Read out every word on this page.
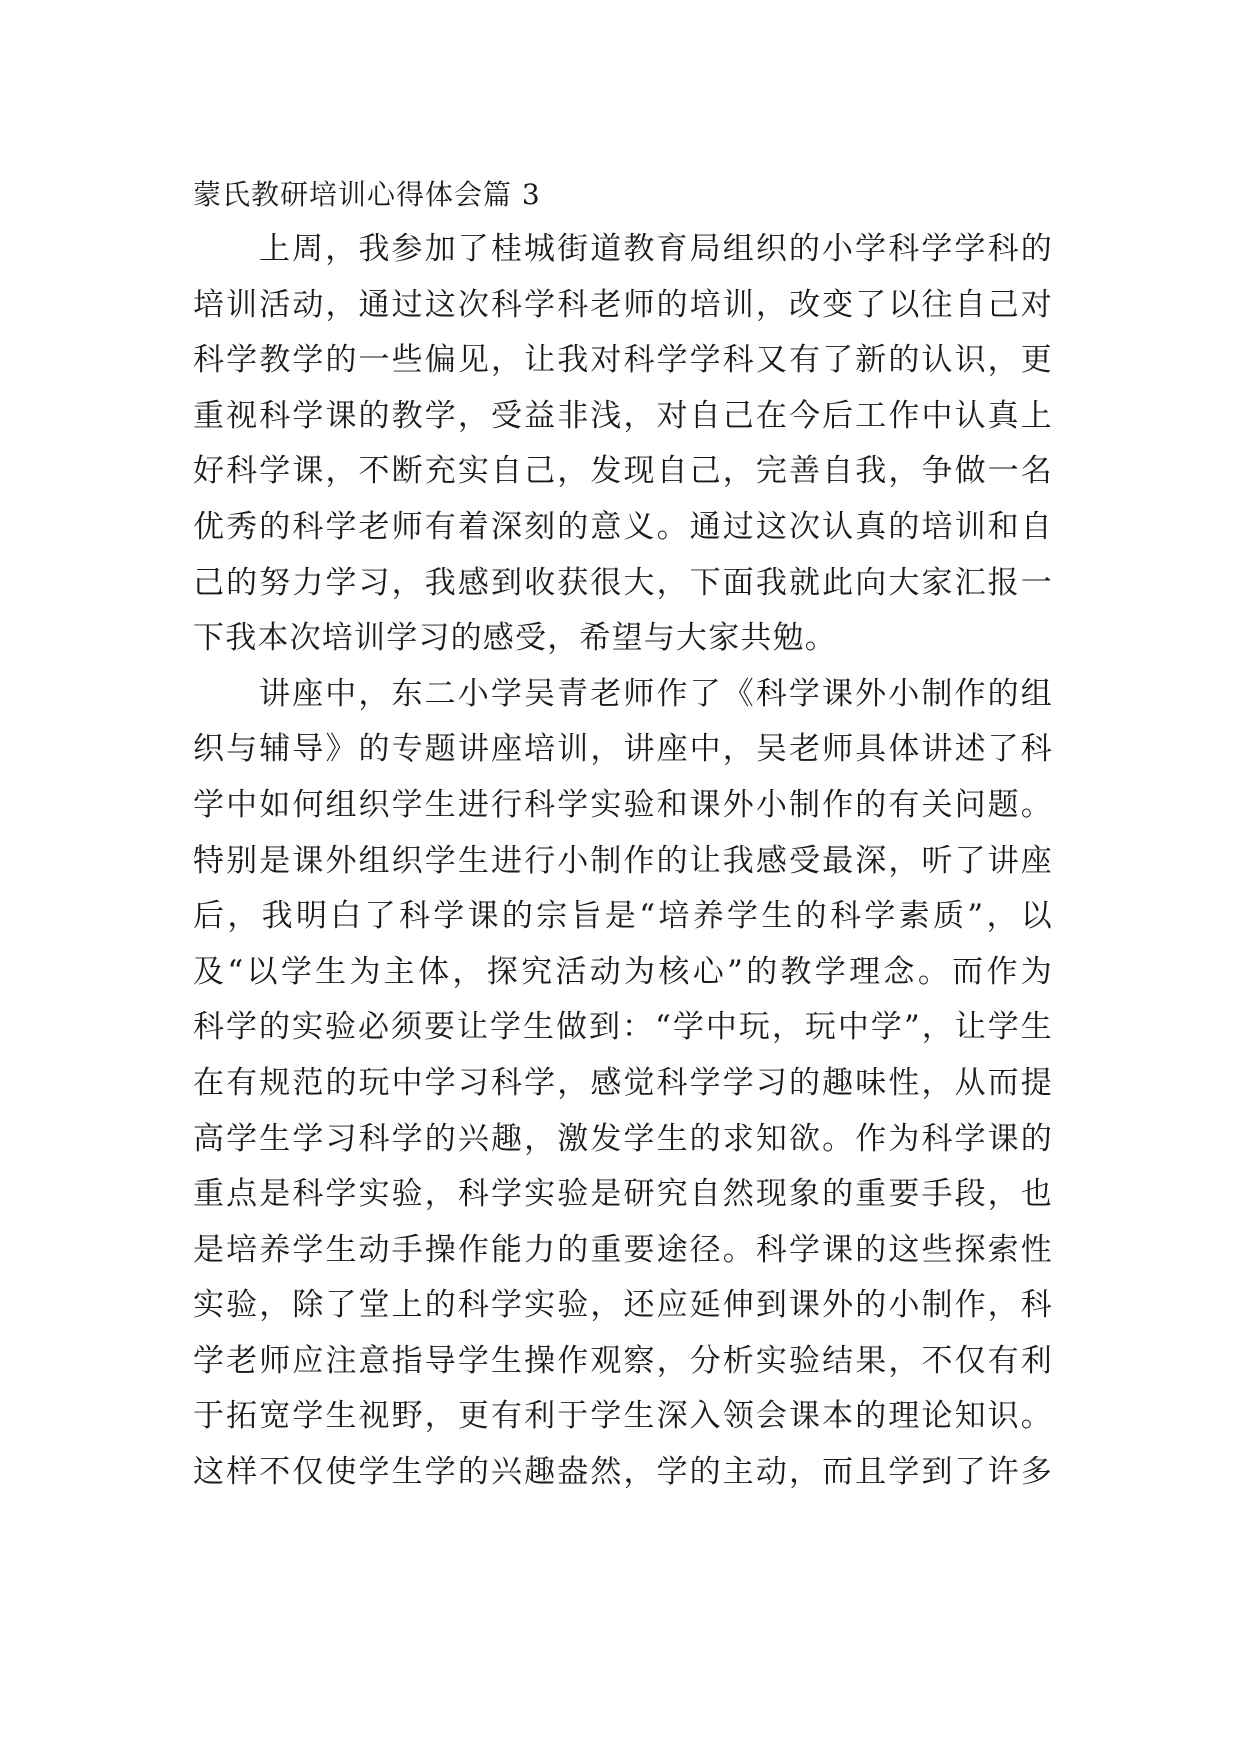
蒙氏教研培训心得体会篇 3
上周，我参加了桂城街道教育局组织的小学科学学科的
培训活动，通过这次科学科老师的培训，改变了以往自己对
科学教学的一些偏见，让我对科学学科又有了新的认识，更
重视科学课的教学，受益非浅，对自己在今后工作中认真上
好科学课，不断充实自己，发现自己，完善自我，争做一名
优秀的科学老师有着深刻的意义。通过这次认真的培训和自
己的努力学习，我感到收获很大，下面我就此向大家汇报一
下我本次培训学习的感受，希望与大家共勉。
讲座中，东二小学吴青老师作了《科学课外小制作的组
织与辅导》的专题讲座培训，讲座中，吴老师具体讲述了科
学中如何组织学生进行科学实验和课外小制作的有关问题。
特别是课外组织学生进行小制作的让我感受最深，听了讲座
后，我明白了科学课的宗旨是“培养学生的科学素质”，以
及“以学生为主体，探究活动为核心”的教学理念。而作为
科学的实验必须要让学生做到：“学中玩，玩中学”，让学生
在有规范的玩中学习科学，感觉科学学习的趣味性，从而提
高学生学习科学的兴趣，激发学生的求知欲。作为科学课的
重点是科学实验，科学实验是研究自然现象的重要手段，也
是培养学生动手操作能力的重要途径。科学课的这些探索性
实验，除了堂上的科学实验，还应延伸到课外的小制作，科
学老师应注意指导学生操作观察，分析实验结果，不仅有利
于拓宽学生视野，更有利于学生深入领会课本的理论知识。
这样不仅使学生学的兴趣盎然，学的主动，而且学到了许多
